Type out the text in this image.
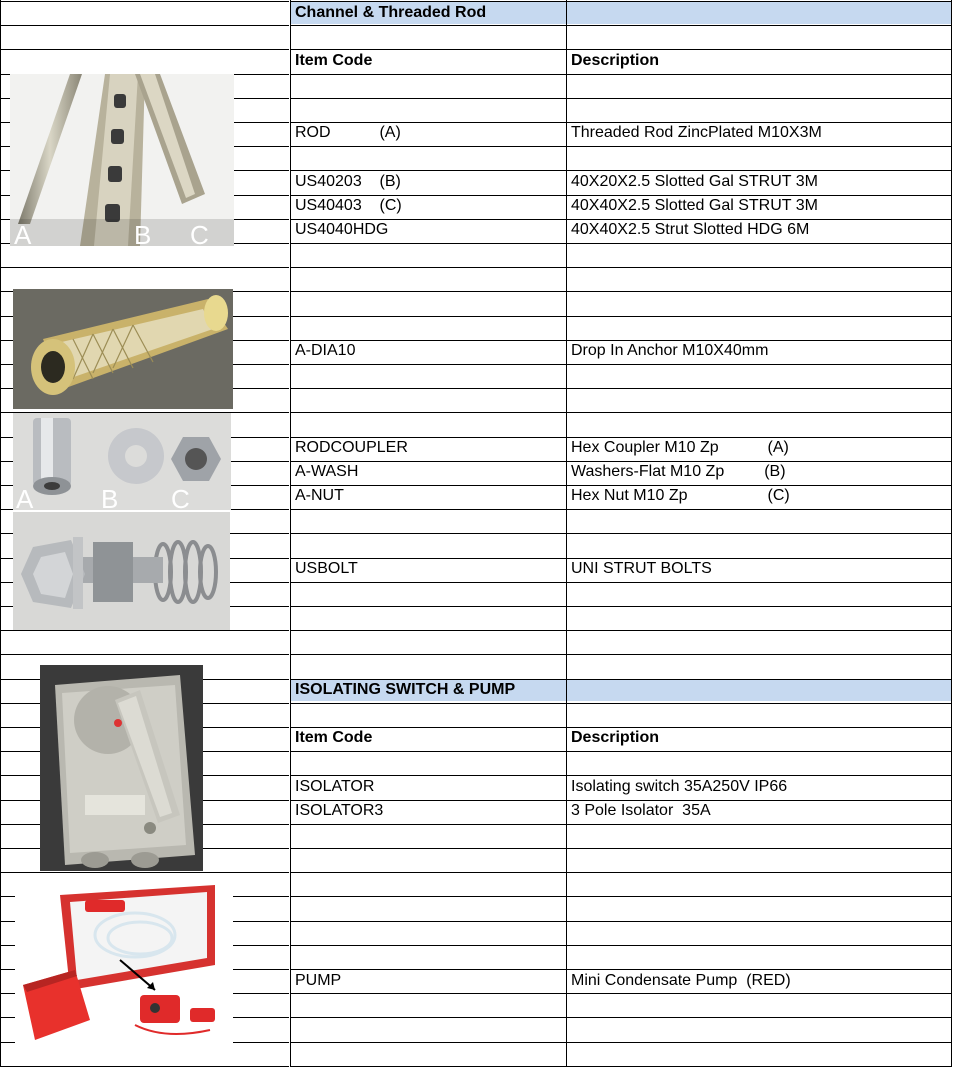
Channel & Threaded Rod
Item Code	Description
ROD           (A)	Threaded Rod ZincPlated M10X3M
US40203    (B)	40X20X2.5 Slotted Gal STRUT 3M
US40403    (C)	40X40X2.5 Slotted Gal STRUT 3M
US4040HDG	40X40X2.5 Strut Slotted HDG 6M
A-DIA10	Drop In Anchor M10X40mm
RODCOUPLER	Hex Coupler M10 Zp           (A)
A-WASH	Washers-Flat M10 Zp         (B)
A-NUT	Hex Nut M10 Zp                  (C)
USBOLT	UNI STRUT BOLTS
ISOLATING SWITCH & PUMP
Item Code	Description
ISOLATOR	Isolating switch 35A250V IP66
ISOLATOR3	3 Pole Isolator  35A
PUMP	Mini Condensate Pump  (RED)
A	B C
A	B C
